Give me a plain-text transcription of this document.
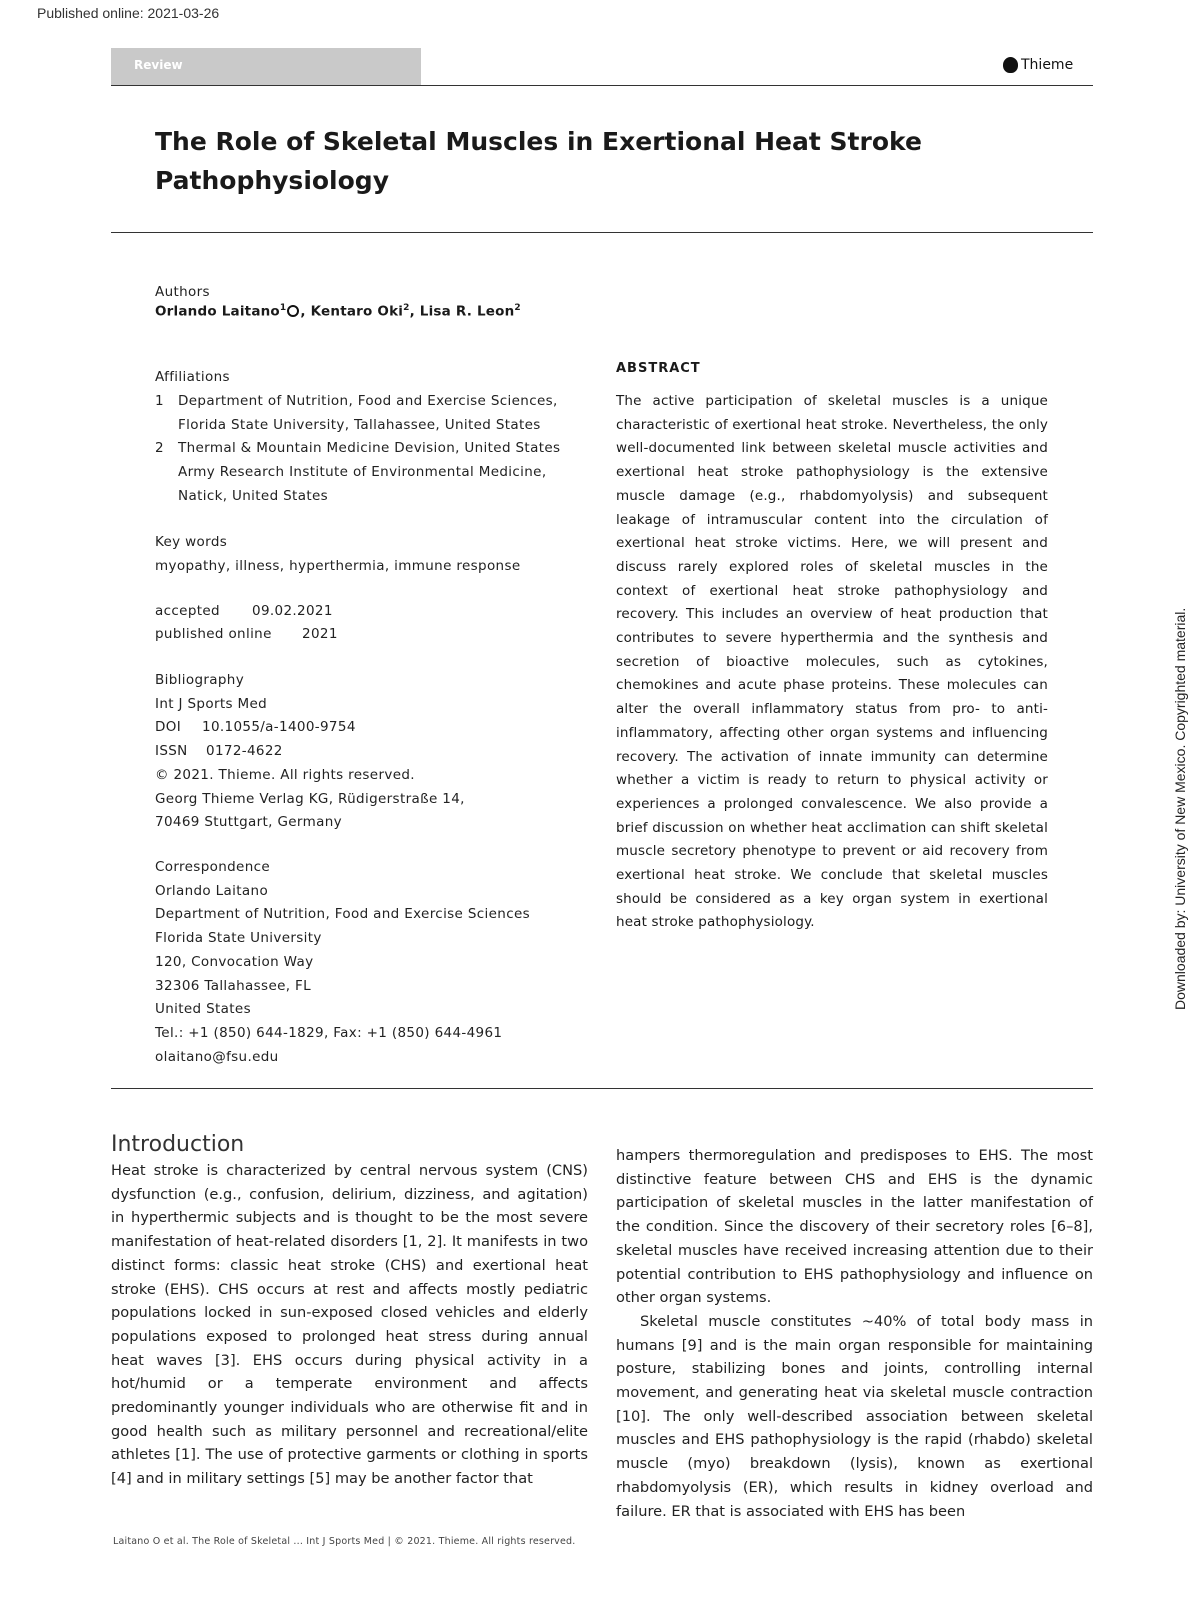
Published online: 2021-03-26
Review	Thieme
The Role of Skeletal Muscles in Exertional Heat Stroke
Pathophysiology
Authors
Orlando Laitano$^1$ , Kentaro Oki$^2$, Lisa R. Leon$^2$
Affiliations
1	Department of Nutrition, Food and Exercise Sciences,
Florida State University, Tallahassee, United States
2	Thermal & Mountain Medicine Devision, United States
Army Research Institute of Environmental Medicine,
Natick, United States
Key words
myopathy, illness, hyperthermia, immune response
accepted 09.02.2021
published online 2021
Bibliography
Int J Sports Med
DOI 10.1055/a-1400-9754
ISSN 0172-4622
© 2021. Thieme. All rights reserved.
Georg Thieme Verlag KG, Rüdigerstraße 14,
70469 Stuttgart, Germany
Correspondence
Orlando Laitano
Department of Nutrition, Food and Exercise Sciences
Florida State University
120, Convocation Way
32306 Tallahassee, FL
United States
Tel.: +1 (850) 644-1829, Fax: +1 (850) 644-4961
olaitano@fsu.edu
ABSTRACT
The active participation of skeletal muscles is a unique characteristic of exertional heat stroke. Nevertheless, the only well-documented link between skeletal muscle activities and exertional heat stroke pathophysiology is the extensive muscle damage (e.g., rhabdomyolysis) and subsequent leakage of intramuscular content into the circulation of exertional heat stroke victims. Here, we will present and discuss rarely explored roles of skeletal muscles in the context of exertional heat stroke pathophysiology and recovery. This includes an overview of heat production that contributes to severe hyperthermia and the synthesis and secretion of bioactive molecules, such as cytokines, chemokines and acute phase proteins. These molecules can alter the overall inflammatory status from pro- to anti-inflammatory, affecting other organ systems and influencing recovery. The activation of innate immunity can determine whether a victim is ready to return to physical activity or experiences a prolonged convalescence. We also provide a brief discussion on whether heat acclimation can shift skeletal muscle secretory phenotype to prevent or aid recovery from exertional heat stroke. We conclude that skeletal muscles should be considered as a key organ system in exertional heat stroke pathophysiology.
Introduction

Heat stroke is characterized by central nervous system (CNS) dysfunction (e.g., confusion, delirium, dizziness, and agitation) in hyperthermic subjects and is thought to be the most severe manifestation of heat-related disorders [1, 2]. It manifests in two distinct forms: classic heat stroke (CHS) and exertional heat stroke (EHS). CHS occurs at rest and affects mostly pediatric populations locked in sun-exposed closed vehicles and elderly populations exposed to prolonged heat stress during annual heat waves [3]. EHS occurs during physical activity in a hot/humid or a temperate environment and affects predominantly younger individuals who are otherwise fit and in good health such as military personnel and recreational/elite athletes [1]. The use of protective garments or clothing in sports [4] and in military settings [5] may be another factor that

hampers thermoregulation and predisposes to EHS. The most distinctive feature between CHS and EHS is the dynamic participation of skeletal muscles in the latter manifestation of the condition. Since the discovery of their secretory roles [6–8], skeletal muscles have received increasing attention due to their potential contribution to EHS pathophysiology and influence on other organ systems.

Skeletal muscle constitutes ~40% of total body mass in humans [9] and is the main organ responsible for maintaining posture, stabilizing bones and joints, controlling internal movement, and generating heat via skeletal muscle contraction [10]. The only well-described association between skeletal muscles and EHS pathophysiology is the rapid (rhabdo) skeletal muscle (myo) breakdown (lysis), known as exertional rhabdomyolysis (ER), which results in kidney overload and failure. ER that is associated with EHS has been

Laitano O et al. The Role of Skeletal ... Int J Sports Med | © 2021. Thieme. All rights reserved.
Downloaded by: University of New Mexico. Copyrighted material.
